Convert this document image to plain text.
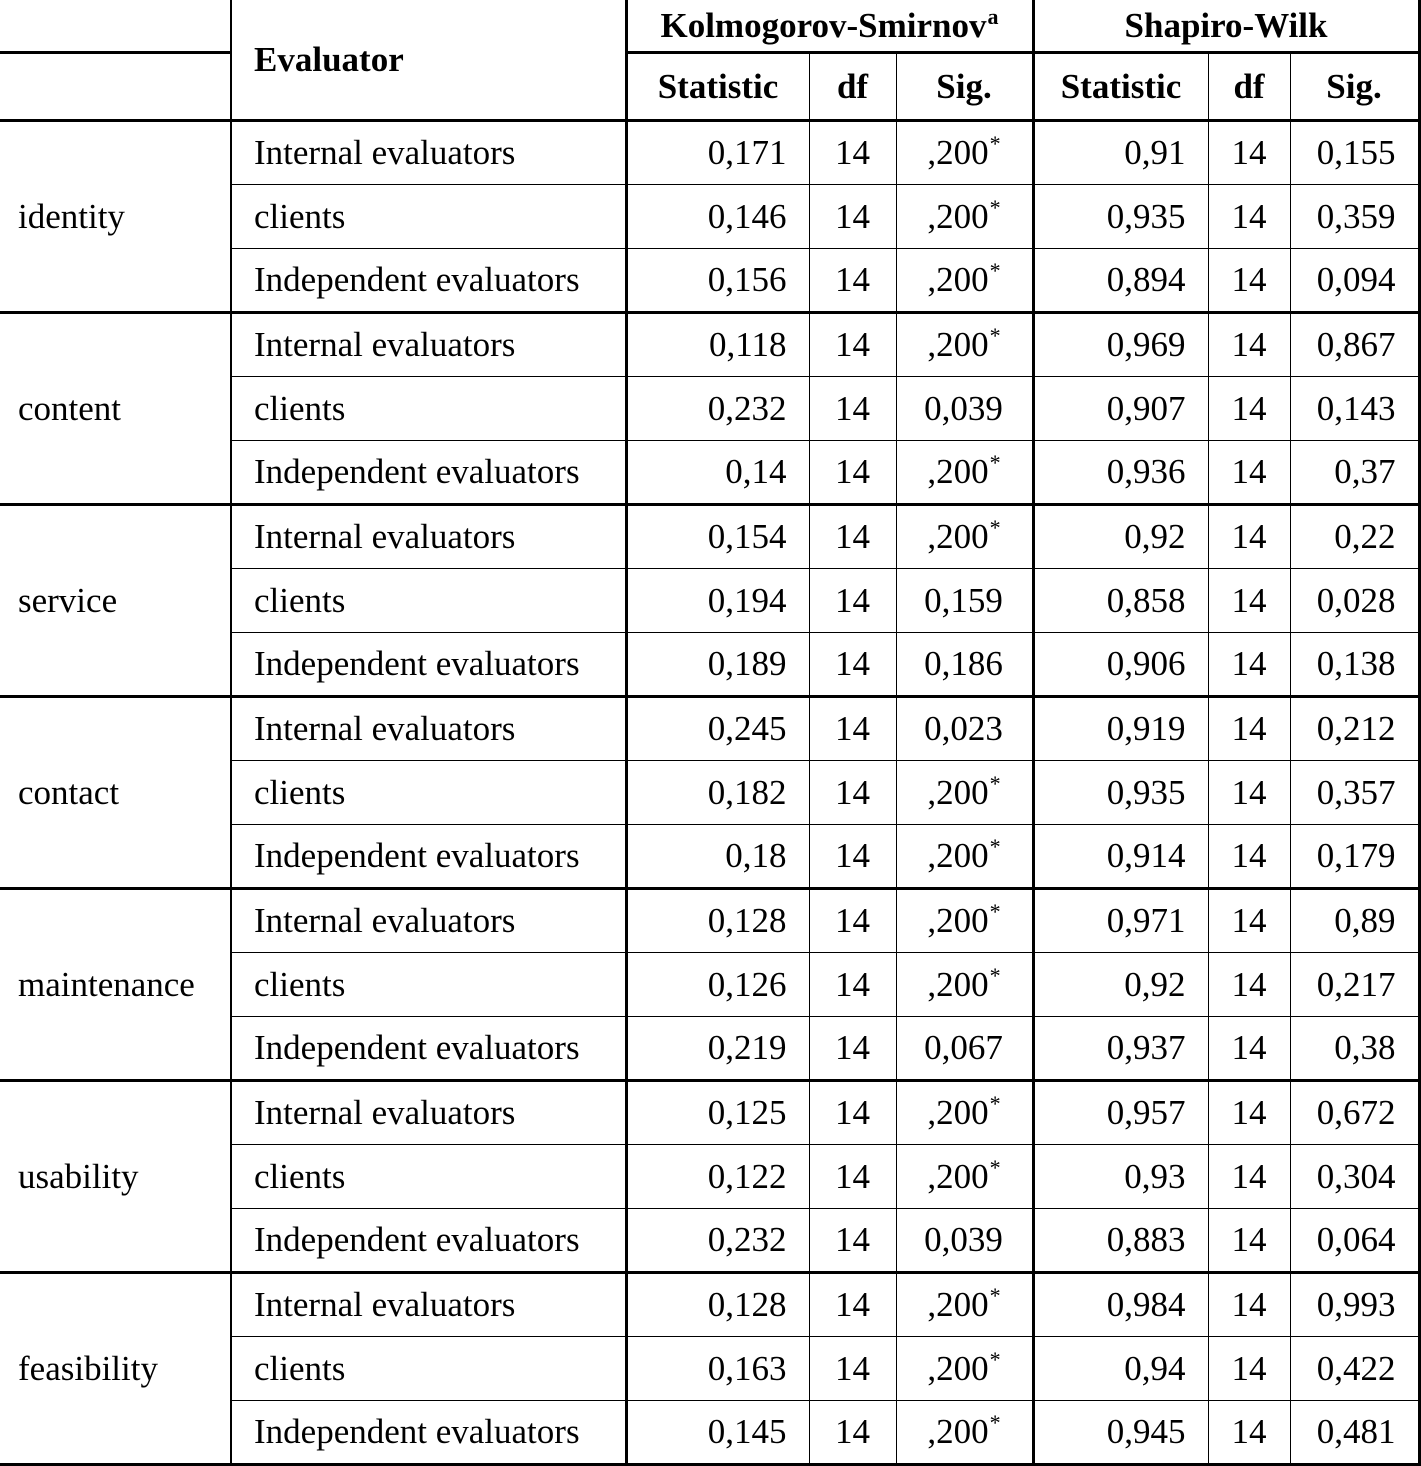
	Evaluator	Kolmogorov-Smirnov$^a$			Shapiro-Wilk		
		Statistic	df	Sig.	Statistic	df	Sig.
identity	Internal evaluators	0,171	14	,200*	0,91	14	0,155
	clients	0,146	14	,200*	0,935	14	0,359
	Independent evaluators	0,156	14	,200*	0,894	14	0,094
content	Internal evaluators	0,118	14	,200*	0,969	14	0,867
	clients	0,232	14	0,039	0,907	14	0,143
	Independent evaluators	0,14	14	,200*	0,936	14	0,37
service	Internal evaluators	0,154	14	,200*	0,92	14	0,22
	clients	0,194	14	0,159	0,858	14	0,028
	Independent evaluators	0,189	14	0,186	0,906	14	0,138
contact	Internal evaluators	0,245	14	0,023	0,919	14	0,212
	clients	0,182	14	,200*	0,935	14	0,357
	Independent evaluators	0,18	14	,200*	0,914	14	0,179
maintenance	Internal evaluators	0,128	14	,200*	0,971	14	0,89
	clients	0,126	14	,200*	0,92	14	0,217
	Independent evaluators	0,219	14	0,067	0,937	14	0,38
usability	Internal evaluators	0,125	14	,200*	0,957	14	0,672
	clients	0,122	14	,200*	0,93	14	0,304
	Independent evaluators	0,232	14	0,039	0,883	14	0,064
feasibility	Internal evaluators	0,128	14	,200*	0,984	14	0,993
	clients	0,163	14	,200*	0,94	14	0,422
	Independent evaluators	0,145	14	,200*	0,945	14	0,481
